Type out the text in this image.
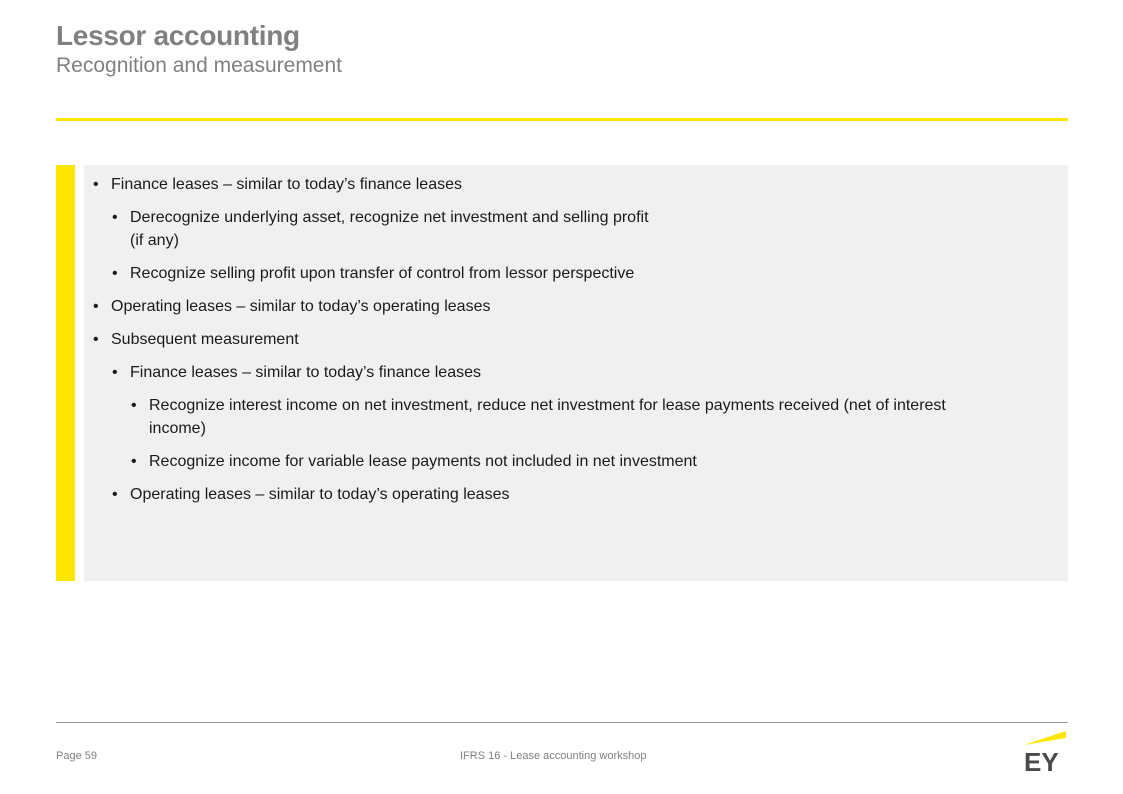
Lessor accounting
Recognition and measurement
• Finance leases – similar to today’s finance leases
• Derecognize underlying asset, recognize net investment and selling profit
(if any)
• Recognize selling profit upon transfer of control from lessor perspective
• Operating leases – similar to today’s operating leases
• Subsequent measurement
• Finance leases – similar to today’s finance leases
• Recognize interest income on net investment, reduce net investment for lease payments received (net of interest
income)
• Recognize income for variable lease payments not included in net investment
• Operating leases – similar to today’s operating leases
Page 59	IFRS 16 - Lease accounting workshop	EY
